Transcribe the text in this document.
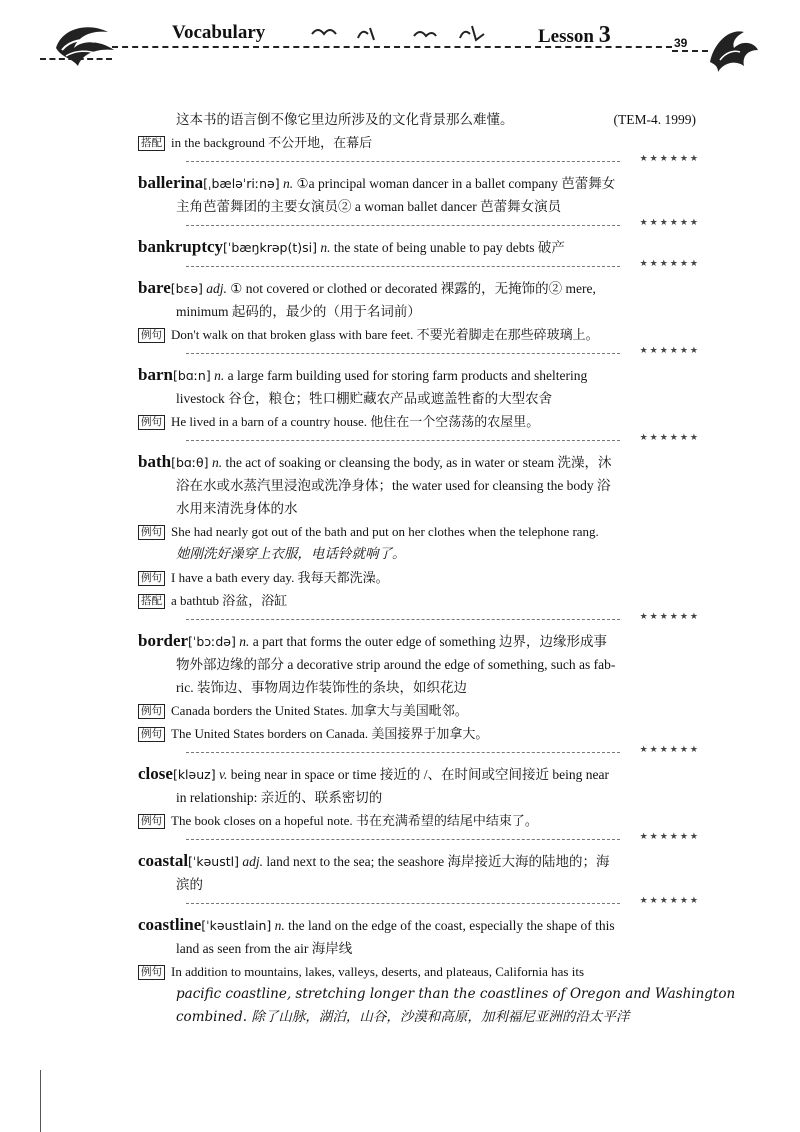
Vocabulary	Lesson 3	39
这本书的语言倒不像它里边所涉及的文化背景那么难懂。	(TEM-4. 1999)
搭配 in the background 不公开地，在幕后
★★★★★★
ballerina[ˌbæləˈriːnə] n. ①a principal woman dancer in a ballet company 芭蕾舞女
主角芭蕾舞团的主要女演员② a woman ballet dancer 芭蕾舞女演员
★★★★★★
bankruptcy[ˈbæŋkrəp(t)si] n. the state of being unable to pay debts 破产
★★★★★★
bare[bɛə] adj. ① not covered or clothed or decorated 裸露的，无掩饰的② mere,
minimum 起码的，最少的（用于名词前）
例句 Don't walk on that broken glass with bare feet. 不要光着脚走在那些碎玻璃上。
★★★★★★
barn[bɑːn] n. a large farm building used for storing farm products and sheltering
livestock 谷仓，粮仓；牲口棚贮藏农产品或遮盖牲畜的大型农舍
例句 He lived in a barn of a country house. 他住在一个空荡荡的农屋里。
★★★★★★
bath[bɑːθ] n. the act of soaking or cleansing the body, as in water or steam 洗澡，沐
浴在水或水蒸汽里浸泡或洗净身体；the water used for cleansing the body 浴
水用来清洗身体的水
例句 She had nearly got out of the bath and put on her clothes when the telephone rang.
她刚洗好澡穿上衣服，电话铃就响了。
例句 I have a bath every day. 我每天都洗澡。
搭配 a bathtub 浴盆，浴缸
★★★★★★
border[ˈbɔːdə] n. a part that forms the outer edge of something 边界，边缘形成事
物外部边缘的部分 a decorative strip around the edge of something, such as fab-
ric. 装饰边、事物周边作装饰性的条块，如织花边
例句 Canada borders the United States. 加拿大与美国毗邻。
例句 The United States borders on Canada. 美国接界于加拿大。
★★★★★★
close[kləuz] v. being near in space or time 接近的 /、在时间或空间接近 being near
in relationship: 亲近的、联系密切的
例句 The book closes on a hopeful note. 书在充满希望的结尾中结束了。
★★★★★★
coastal[ˈkəustl] adj. land next to the sea; the seashore 海岸接近大海的陆地的；海
滨的
★★★★★★
coastline[ˈkəustlain] n. the land on the edge of the coast, especially the shape of this
land as seen from the air 海岸线
例句 In addition to mountains, lakes, valleys, deserts, and plateaus, California has its
pacific coastline, stretching longer than the coastlines of Oregon and Washington
combined. 除了山脉，湖泊，山谷，沙漠和高原，加利福尼亚洲的沿太平洋
